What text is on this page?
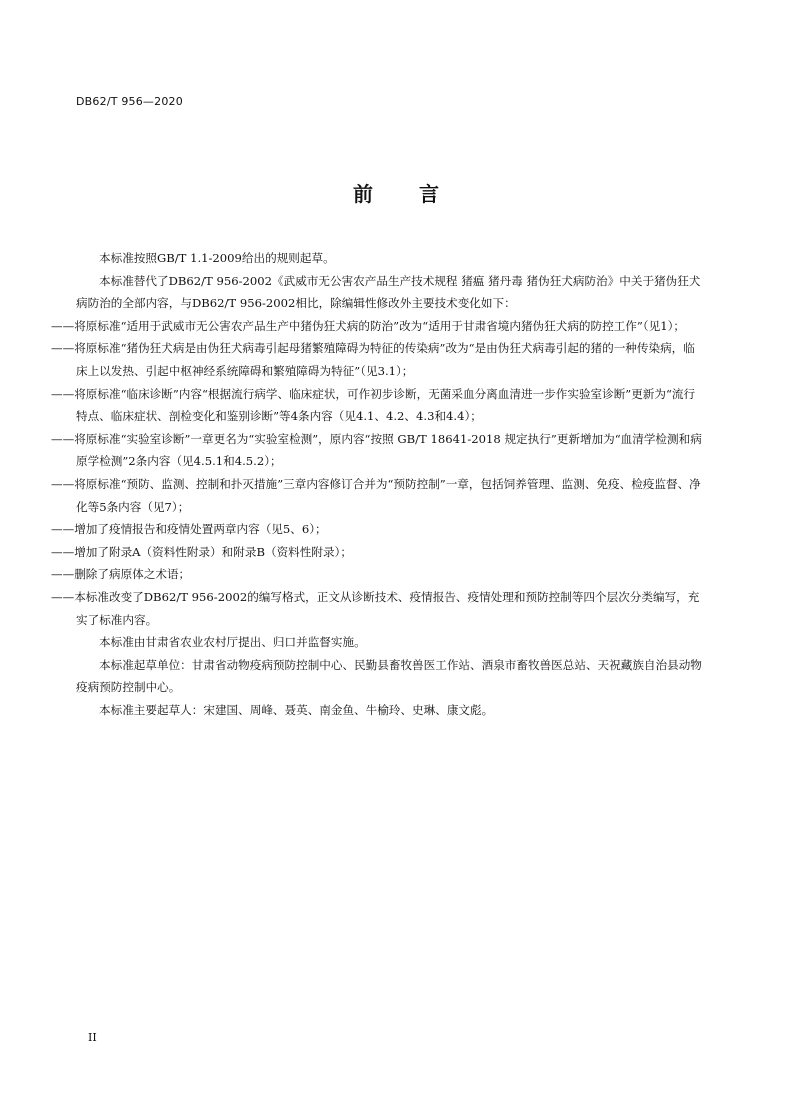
DB62/T 956—2020
前言

本标准按照GB/T 1.1-2009给出的规则起草。

本标准替代了DB62/T 956-2002《武威市无公害农产品生产技术规程 猪瘟 猪丹毒 猪伪狂犬病防治》中关于猪伪狂犬病防治的全部内容，与DB62/T 956-2002相比，除编辑性修改外主要技术变化如下：

——将原标准“适用于武威市无公害农产品生产中猪伪狂犬病的防治”改为“适用于甘肃省境内猪伪狂犬病的防控工作”（见1）；

——将原标准“猪伪狂犬病是由伪狂犬病毒引起母猪繁殖障碍为特征的传染病”改为“是由伪狂犬病毒引起的猪的一种传染病，临床上以发热、引起中枢神经系统障碍和繁殖障碍为特征”（见3.1）；

——将原标准“临床诊断”内容“根据流行病学、临床症状，可作初步诊断，无菌采血分离血清进一步作实验室诊断”更新为“流行特点、临床症状、剖检变化和鉴别诊断”等4条内容（见4.1、4.2、4.3和4.4）；

——将原标准“实验室诊断”一章更名为“实验室检测”，原内容“按照 GB/T 18641-2018 规定执行”更新增加为“血清学检测和病原学检测”2条内容（见4.5.1和4.5.2）；

——将原标准“预防、监测、控制和扑灭措施”三章内容修订合并为“预防控制”一章，包括饲养管理、监测、免疫、检疫监督、净化等5条内容（见7）；

——增加了疫情报告和疫情处置两章内容（见5、6）；

——增加了附录A（资料性附录）和附录B（资料性附录）；

——删除了病原体之术语；

——本标准改变了DB62/T 956-2002的编写格式，正文从诊断技术、疫情报告、疫情处理和预防控制等四个层次分类编写，充实了标准内容。

本标准由甘肃省农业农村厅提出、归口并监督实施。

本标准起草单位：甘肃省动物疫病预防控制中心、民勤县畜牧兽医工作站、酒泉市畜牧兽医总站、天祝藏族自治县动物疫病预防控制中心。

本标准主要起草人：宋建国、周峰、聂英、南金鱼、牛榆玲、史琳、康文彪。

II
